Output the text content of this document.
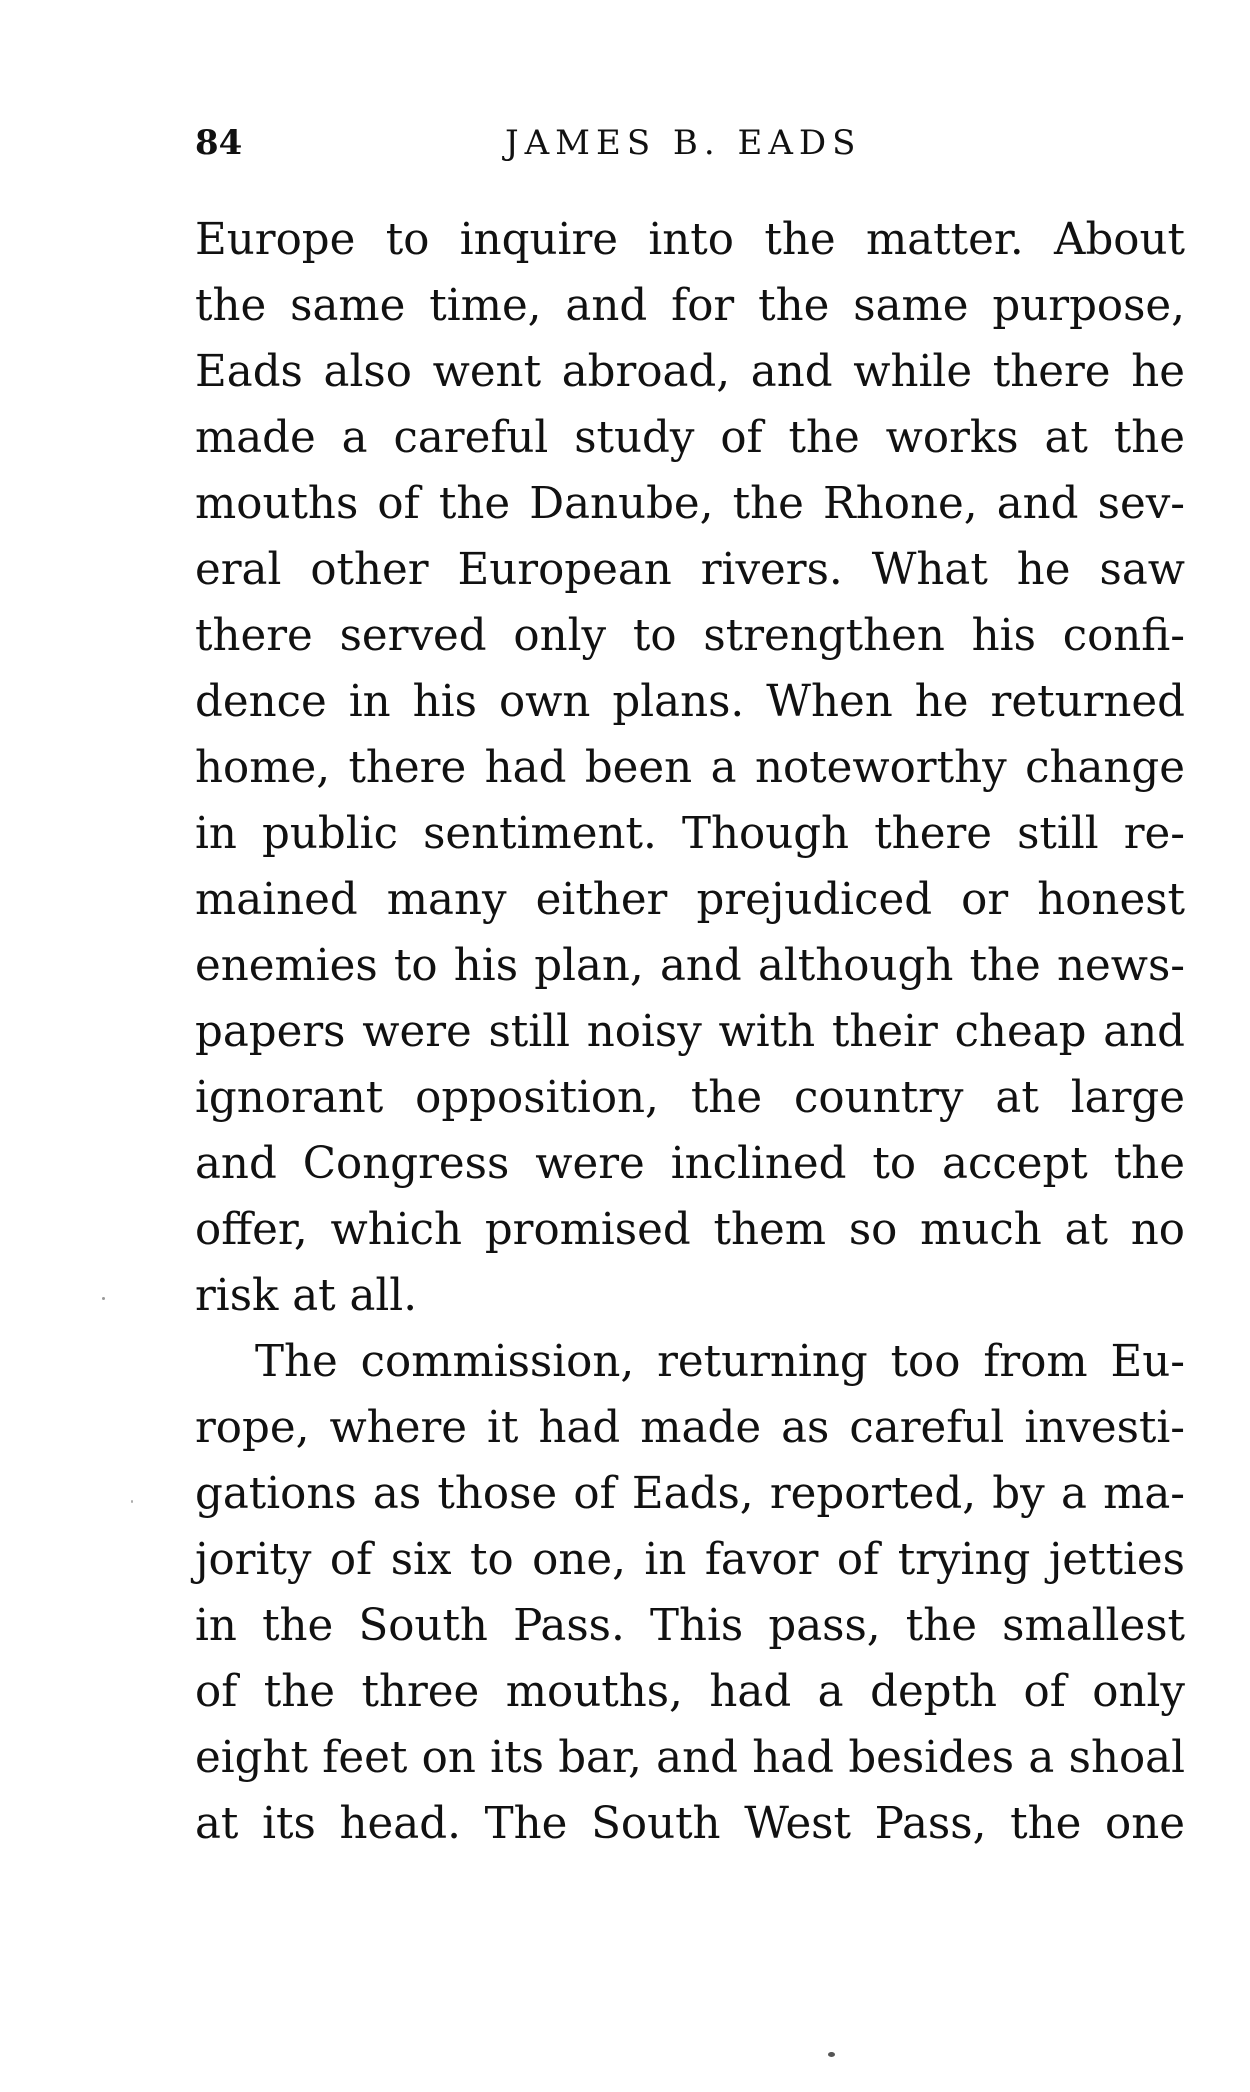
84	JAMES B. EADS
Europe to inquire into the matter. About
the same time, and for the same purpose,
Eads also went abroad, and while there he
made a careful study of the works at the
mouths of the Danube, the Rhone, and sev-
eral other European rivers. What he saw
there served only to strengthen his confi-
dence in his own plans. When he returned
home, there had been a noteworthy change
in public sentiment. Though there still re-
mained many either prejudiced or honest
enemies to his plan, and although the news-
papers were still noisy with their cheap and
ignorant opposition, the country at large
and Congress were inclined to accept the
offer, which promised them so much at no
risk at all.
The commission, returning too from Eu-
rope, where it had made as careful investi-
gations as those of Eads, reported, by a ma-
jority of six to one, in favor of trying jetties
in the South Pass. This pass, the smallest
of the three mouths, had a depth of only
eight feet on its bar, and had besides a shoal
at its head. The South West Pass, the one
